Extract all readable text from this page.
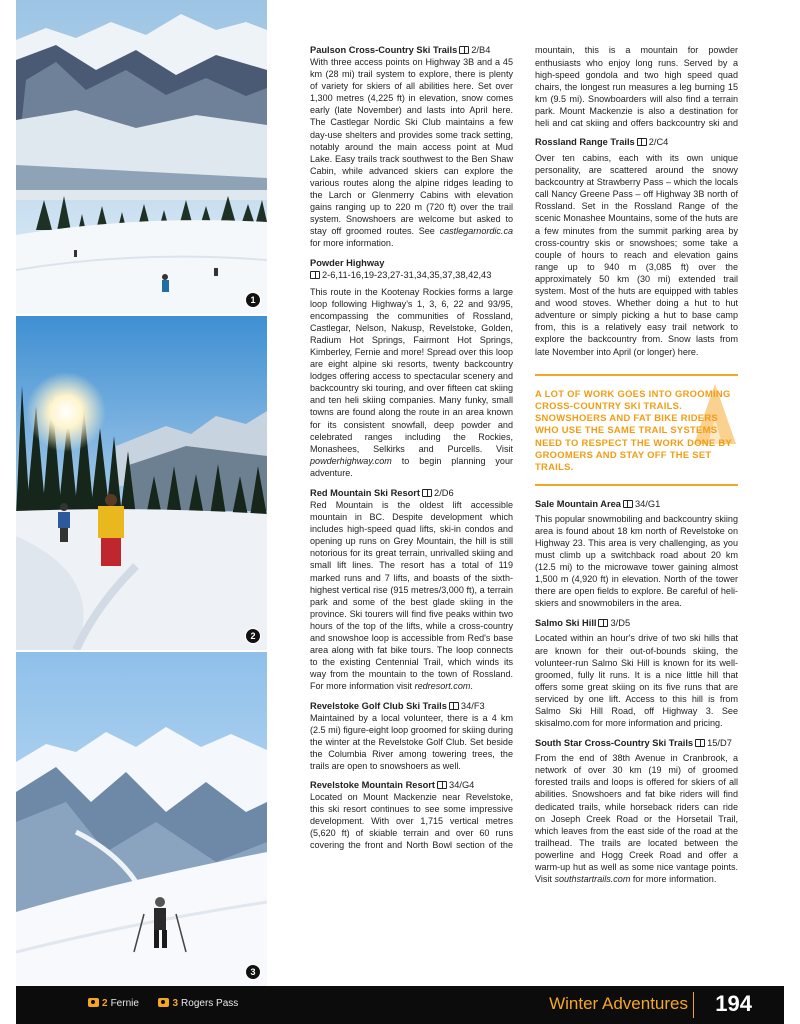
1
2
3
Paulson Cross-Country Ski Trails 2/B4
With three access points on Highway 3B and a 45 km (28 mi) trail system to explore, there is plenty of variety for skiers of all abilities here. Set over 1,300 metres (4,225 ft) in elevation, snow comes early (late November) and lasts into April here. The Castlegar Nordic Ski Club maintains a few day-use shelters and provides some track setting, notably around the main access point at Mud Lake. Easy trails track southwest to the Ben Shaw Cabin, while advanced skiers can explore the various routes along the alpine ridges leading to the Larch or Glenmerry Cabins with elevation gains ranging up to 220 m (720 ft) over the trail system. Snowshoers are welcome but asked to stay off groomed routes. See castlegarnordic.ca for more information.
Powder Highway
2-6,11-16,19-23,27-31,34,35,37,38,42,43
This route in the Kootenay Rockies forms a large loop following Highway's 1, 3, 6, 22 and 93/95, encompassing the communities of Rossland, Castlegar, Nelson, Nakusp, Revelstoke, Golden, Radium Hot Springs, Fairmont Hot Springs, Kimberley, Fernie and more! Spread over this loop are eight alpine ski resorts, twenty backcountry lodges offering access to spectacular scenery and backcountry ski touring, and over fifteen cat skiing and ten heli skiing companies. Many funky, small towns are found along the route in an area known for its consistent snowfall, deep powder and celebrated ranges including the Rockies, Monashees, Selkirks and Purcells. Visit powderhighway.com to begin planning your adventure.
Red Mountain Ski Resort 2/D6
Red Mountain is the oldest lift accessible mountain in BC. Despite development which includes high-speed quad lifts, ski-in condos and opening up runs on Grey Mountain, the hill is still notorious for its great terrain, unrivalled skiing and small lift lines. The resort has a total of 119 marked runs and 7 lifts, and boasts of the sixth-highest vertical rise (915 metres/3,000 ft), a terrain park and some of the best glade skiing in the province. Ski tourers will find five peaks within two hours of the top of the lifts, while a cross-country and snowshoe loop is accessible from Red's base area along with fat bike tours. The loop connects to the existing Centennial Trail, which winds its way from the mountain to the town of Rossland. For more information visit redresort.com.
Revelstoke Golf Club Ski Trails 34/F3
Maintained by a local volunteer, there is a 4 km (2.5 mi) figure-eight loop groomed for skiing during the winter at the Revelstoke Golf Club. Set beside the Columbia River among towering trees, the trails are open to snowshoers as well.
Revelstoke Mountain Resort 34/G4
Located on Mount Mackenzie near Revelstoke, this ski resort continues to see some impressive development. With over 1,715 vertical metres (5,620 ft) of skiable terrain and over 60 runs covering the front and North Bowl section of the
mountain, this is a mountain for powder enthusiasts who enjoy long runs. Served by a high-speed gondola and two high speed quad chairs, the longest run measures a leg burning 15 km (9.5 mi). Snowboarders will also find a terrain park. Mount Mackenzie is also a destination for heli and cat skiing and offers backcountry ski and
Rossland Range Trails 2/C4
Over ten cabins, each with its own unique personality, are scattered around the snowy backcountry at Strawberry Pass – which the locals call Nancy Greene Pass – off Highway 3B north of Rossland. Set in the Rossland Range of the scenic Monashee Mountains, some of the huts are a few minutes from the summit parking area by cross-country skis or snowshoes; some take a couple of hours to reach and elevation gains range up to 940 m (3,085 ft) over the approximately 50 km (30 mi) extended trail system. Most of the huts are equipped with tables and wood stoves. Whether doing a hut to hut adventure or simply picking a hut to base camp from, this is a relatively easy trail network to explore the backcountry from. Snow lasts from late November into April (or longer) here.
A LOT OF WORK GOES INTO GROOMING CROSS-COUNTRY SKI TRAILS. SNOWSHOERS AND FAT BIKE RIDERS WHO USE THE SAME TRAIL SYSTEMS NEED TO RESPECT THE WORK DONE BY GROOMERS AND STAY OFF THE SET TRAILS.
Sale Mountain Area 34/G1
This popular snowmobiling and backcountry skiing area is found about 18 km north of Revelstoke on Highway 23. This area is very challenging, as you must climb up a switchback road about 20 km (12.5 mi) to the microwave tower gaining almost 1,500 m (4,920 ft) in elevation. North of the tower there are open fields to explore. Be careful of heli-skiers and snowmobilers in the area.
Salmo Ski Hill 3/D5
Located within an hour's drive of two ski hills that are known for their out-of-bounds skiing, the volunteer-run Salmo Ski Hill is known for its well-groomed, fully lit runs. It is a nice little hill that offers some great skiing on its five runs that are serviced by one lift. Access to this hill is from Salmo Ski Hill Road, off Highway 3. See skisalmo.com for more information and pricing.
South Star Cross-Country Ski Trails 15/D7
From the end of 38th Avenue in Cranbrook, a network of over 30 km (19 mi) of groomed forested trails and loops is offered for skiers of all abilities. Snowshoers and fat bike riders will find dedicated trails, while horseback riders can ride on Joseph Creek Road or the Horsetail Trail, which leaves from the east side of the road at the trailhead. The trails are located between the powerline and Hogg Creek Road and offer a warm-up hut as well as some nice vantage points. Visit southstartrails.com for more information.
2 Fernie	3 Rogers Pass	Winter Adventures 194
